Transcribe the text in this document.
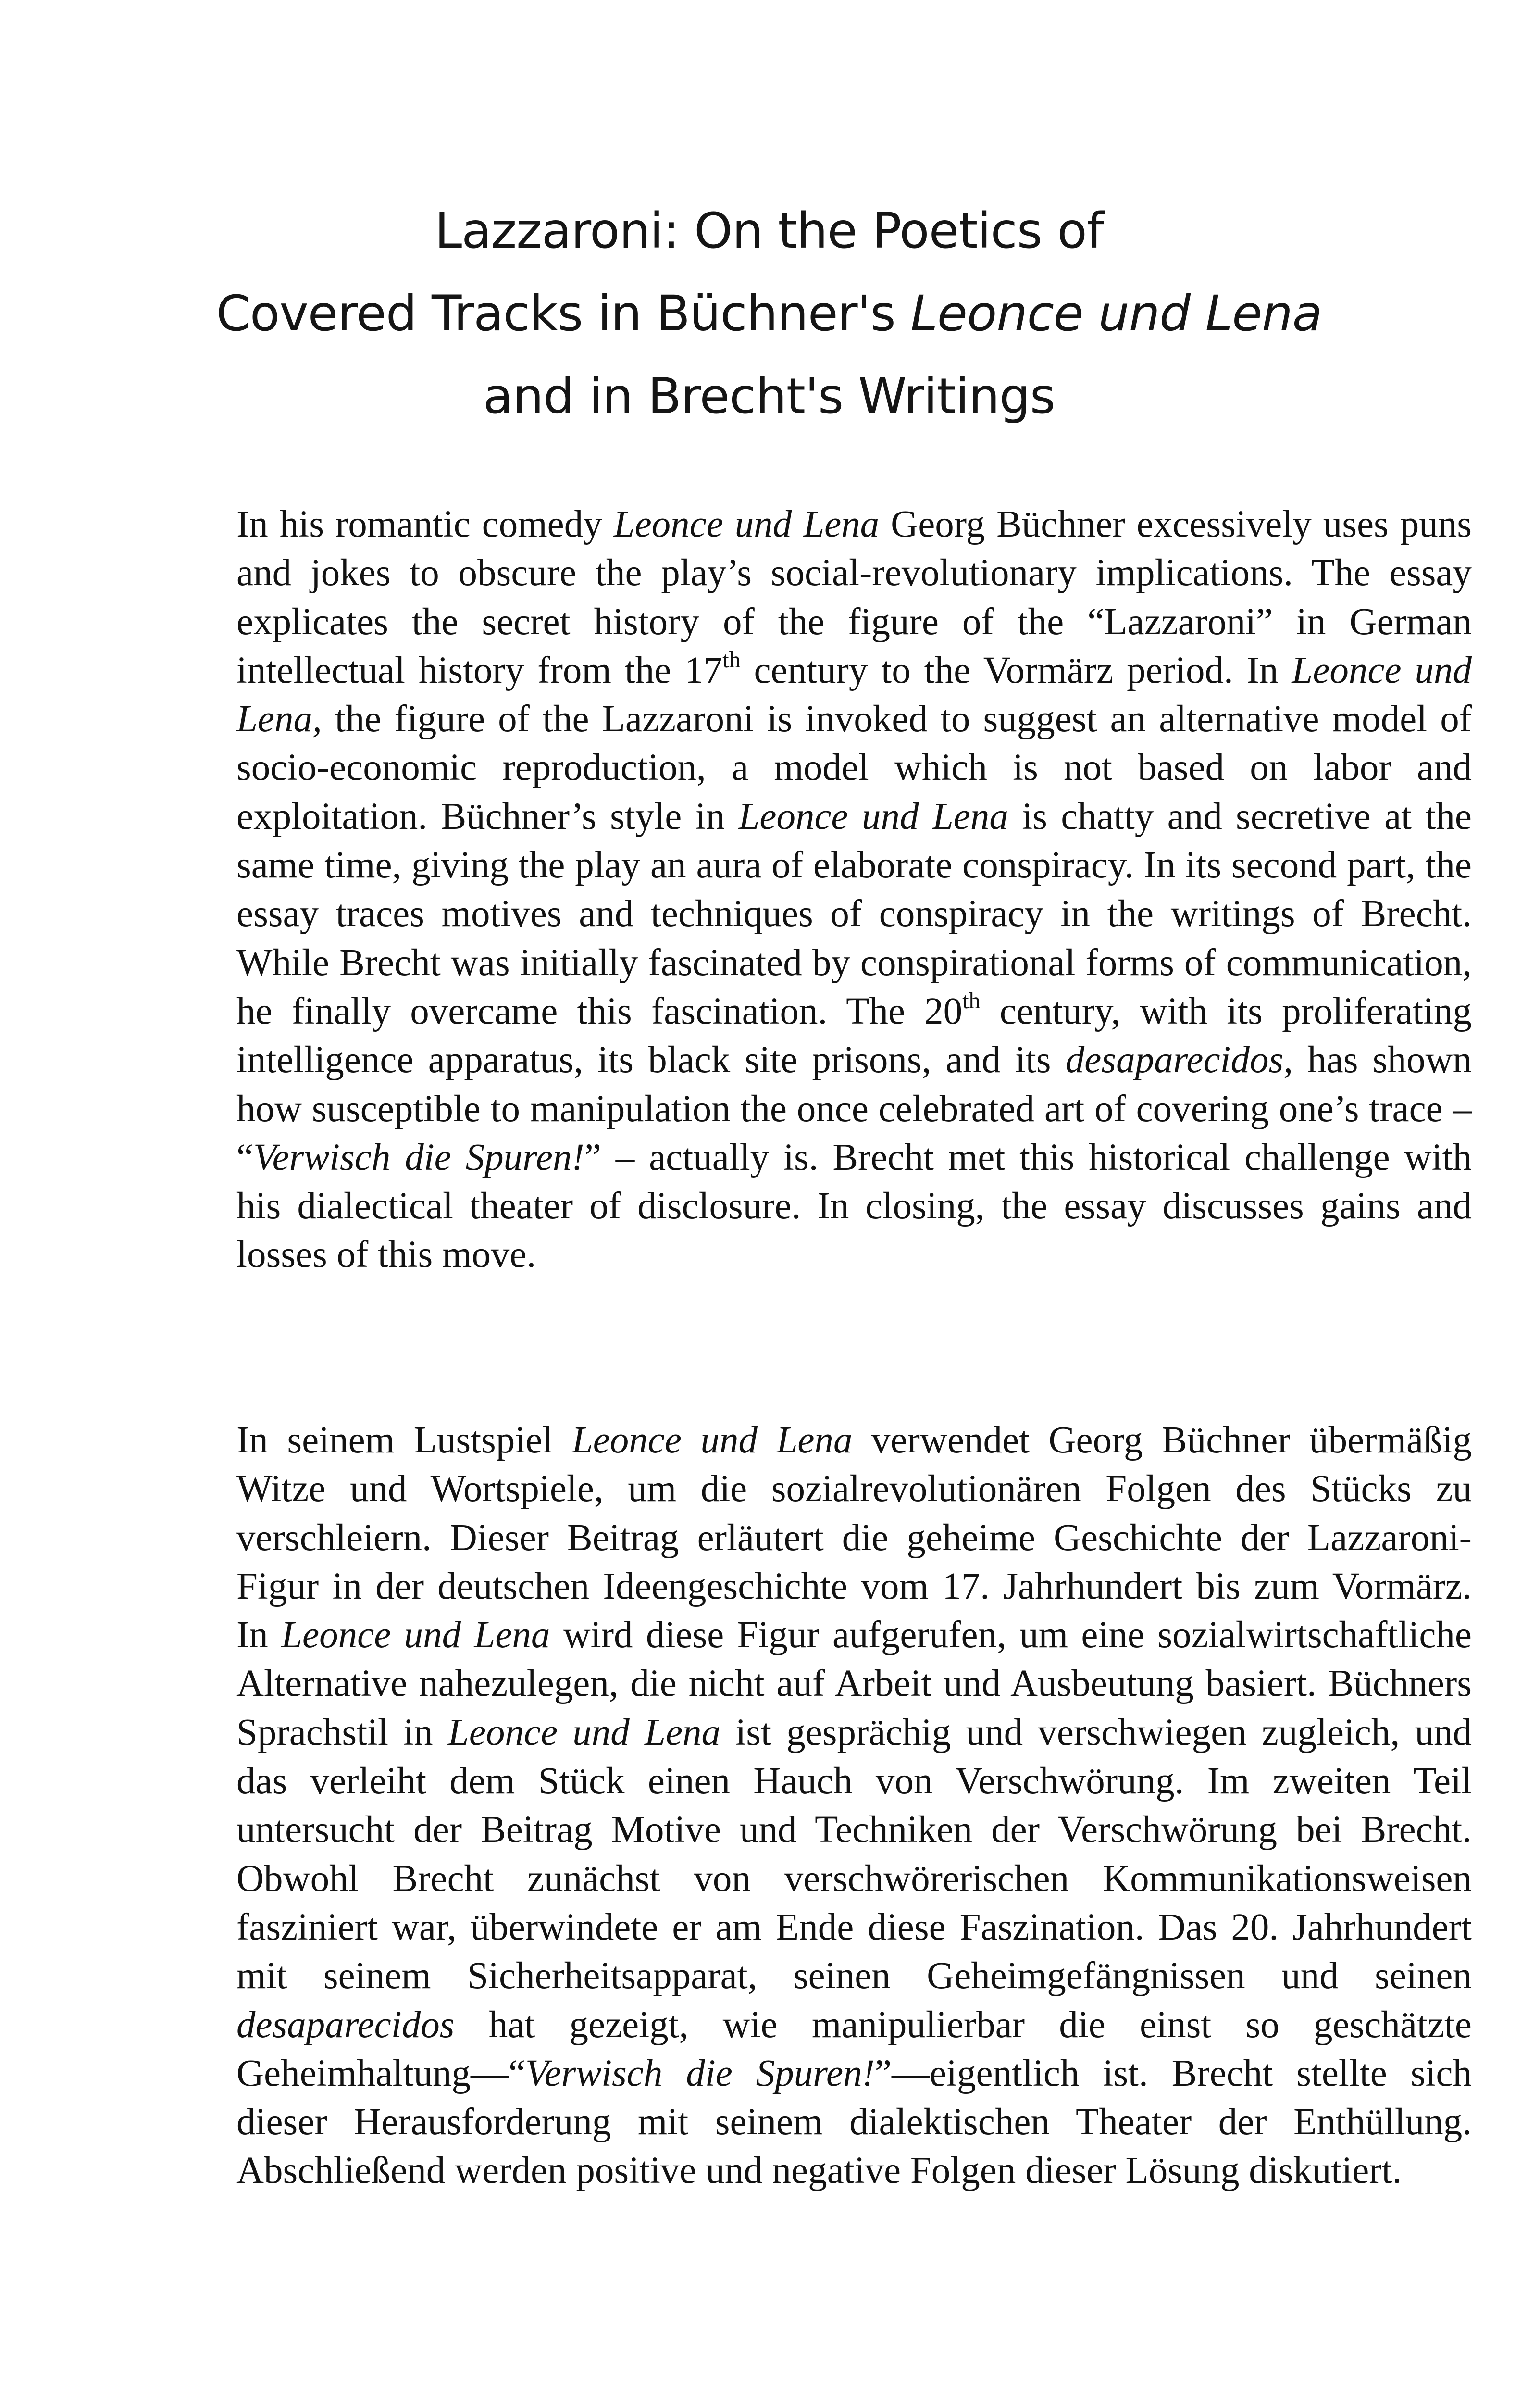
Lazzaroni: On the Poetics of
Covered Tracks in Büchner's Leonce und Lena
and in Brecht's Writings

In his romantic comedy Leonce und Lena Georg Büchner excessively uses puns and jokes to obscure the play’s social-revolutionary implications. The essay explicates the secret history of the figure of the “Lazzaroni” in German intellectual history from the 17th century to the Vormärz period. In Leonce und Lena, the figure of the Lazzaroni is invoked to suggest an alternative model of socio-economic reproduction, a model which is not based on labor and exploitation. Büchner’s style in Leonce und Lena is chatty and secretive at the same time, giving the play an aura of elaborate conspiracy. In its second part, the essay traces motives and techniques of conspiracy in the writings of Brecht. While Brecht was initially fascinated by conspirational forms of communication, he finally overcame this fascination. The 20th century, with its proliferating intelligence apparatus, its black site prisons, and its desaparecidos, has shown how susceptible to manipulation the once celebrated art of covering one’s trace – “Verwisch die Spuren!” – actually is. Brecht met this historical challenge with his dialectical theater of disclosure. In closing, the essay discusses gains and losses of this move.

In seinem Lustspiel Leonce und Lena verwendet Georg Büchner übermäßig Witze und Wortspiele, um die sozialrevolutionären Folgen des Stücks zu verschleiern. Dieser Beitrag erläutert die geheime Geschichte der Lazzaroni-Figur in der deutschen Ideengeschichte vom 17. Jahrhundert bis zum Vormärz. In Leonce und Lena wird diese Figur aufgerufen, um eine sozialwirtschaftliche Alternative nahezulegen, die nicht auf Arbeit und Ausbeutung basiert. Büchners Sprachstil in Leonce und Lena ist gesprächig und verschwiegen zugleich, und das verleiht dem Stück einen Hauch von Verschwörung. Im zweiten Teil untersucht der Beitrag Motive und Techniken der Verschwörung bei Brecht. Obwohl Brecht zunächst von verschwörerischen Kommunikationsweisen fasziniert war, überwindete er am Ende diese Faszination. Das 20. Jahrhundert mit seinem Sicherheitsapparat, seinen Geheimgefängnissen und seinen desaparecidos hat gezeigt, wie manipulierbar die einst so geschätzte Geheimhaltung—“Verwisch die Spuren!”—eigentlich ist. Brecht stellte sich dieser Herausforderung mit seinem dialektischen Theater der Enthüllung. Abschließend werden positive und negative Folgen dieser Lösung diskutiert.
